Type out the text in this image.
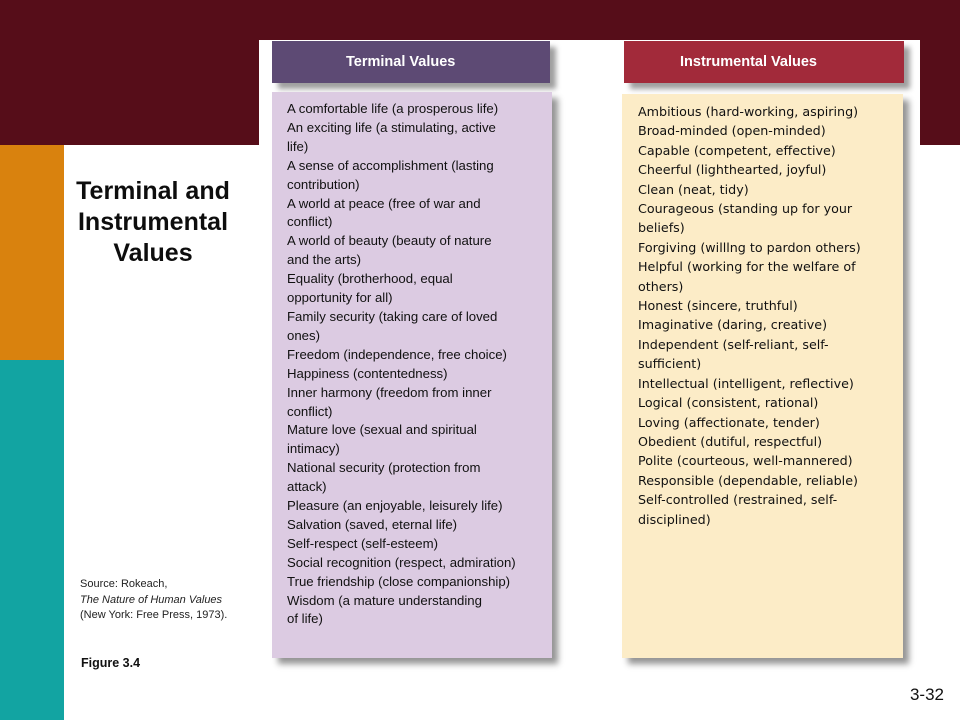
Terminal and
Instrumental
Values
Source: Rokeach,
The Nature of Human Values (New York: Free Press, 1973).
Figure 3.4
3-32
Terminal Values
A comfortable life (a prosperous life)
An exciting life (a stimulating, active
life)
A sense of accomplishment (lasting
contribution)
A world at peace (free of war and
conflict)
A world of beauty (beauty of nature
and the arts)
Equality (brotherhood, equal
opportunity for all)
Family security (taking care of loved
ones)
Freedom (independence, free choice)
Happiness (contentedness)
Inner harmony (freedom from inner
conflict)
Mature love (sexual and spiritual
intimacy)
National security (protection from
attack)
Pleasure (an enjoyable, leisurely life)
Salvation (saved, eternal life)
Self-respect (self-esteem)
Social recognition (respect, admiration)
True friendship (close companionship)
Wisdom (a mature understanding
of life)
Instrumental Values
Ambitious (hard-working, aspiring)
Broad-minded (open-minded)
Capable (competent, effective)
Cheerful (lighthearted, joyful)
Clean (neat, tidy)
Courageous (standing up for your
beliefs)
Forgiving (willlng to pardon others)
Helpful (working for the welfare of
others)
Honest (sincere, truthful)
Imaginative (daring, creative)
Independent (self-reliant, self-
sufficient)
Intellectual (intelligent, reflective)
Logical (consistent, rational)
Loving (affectionate, tender)
Obedient (dutiful, respectful)
Polite (courteous, well-mannered)
Responsible (dependable, reliable)
Self-controlled (restrained, self-
disciplined)
